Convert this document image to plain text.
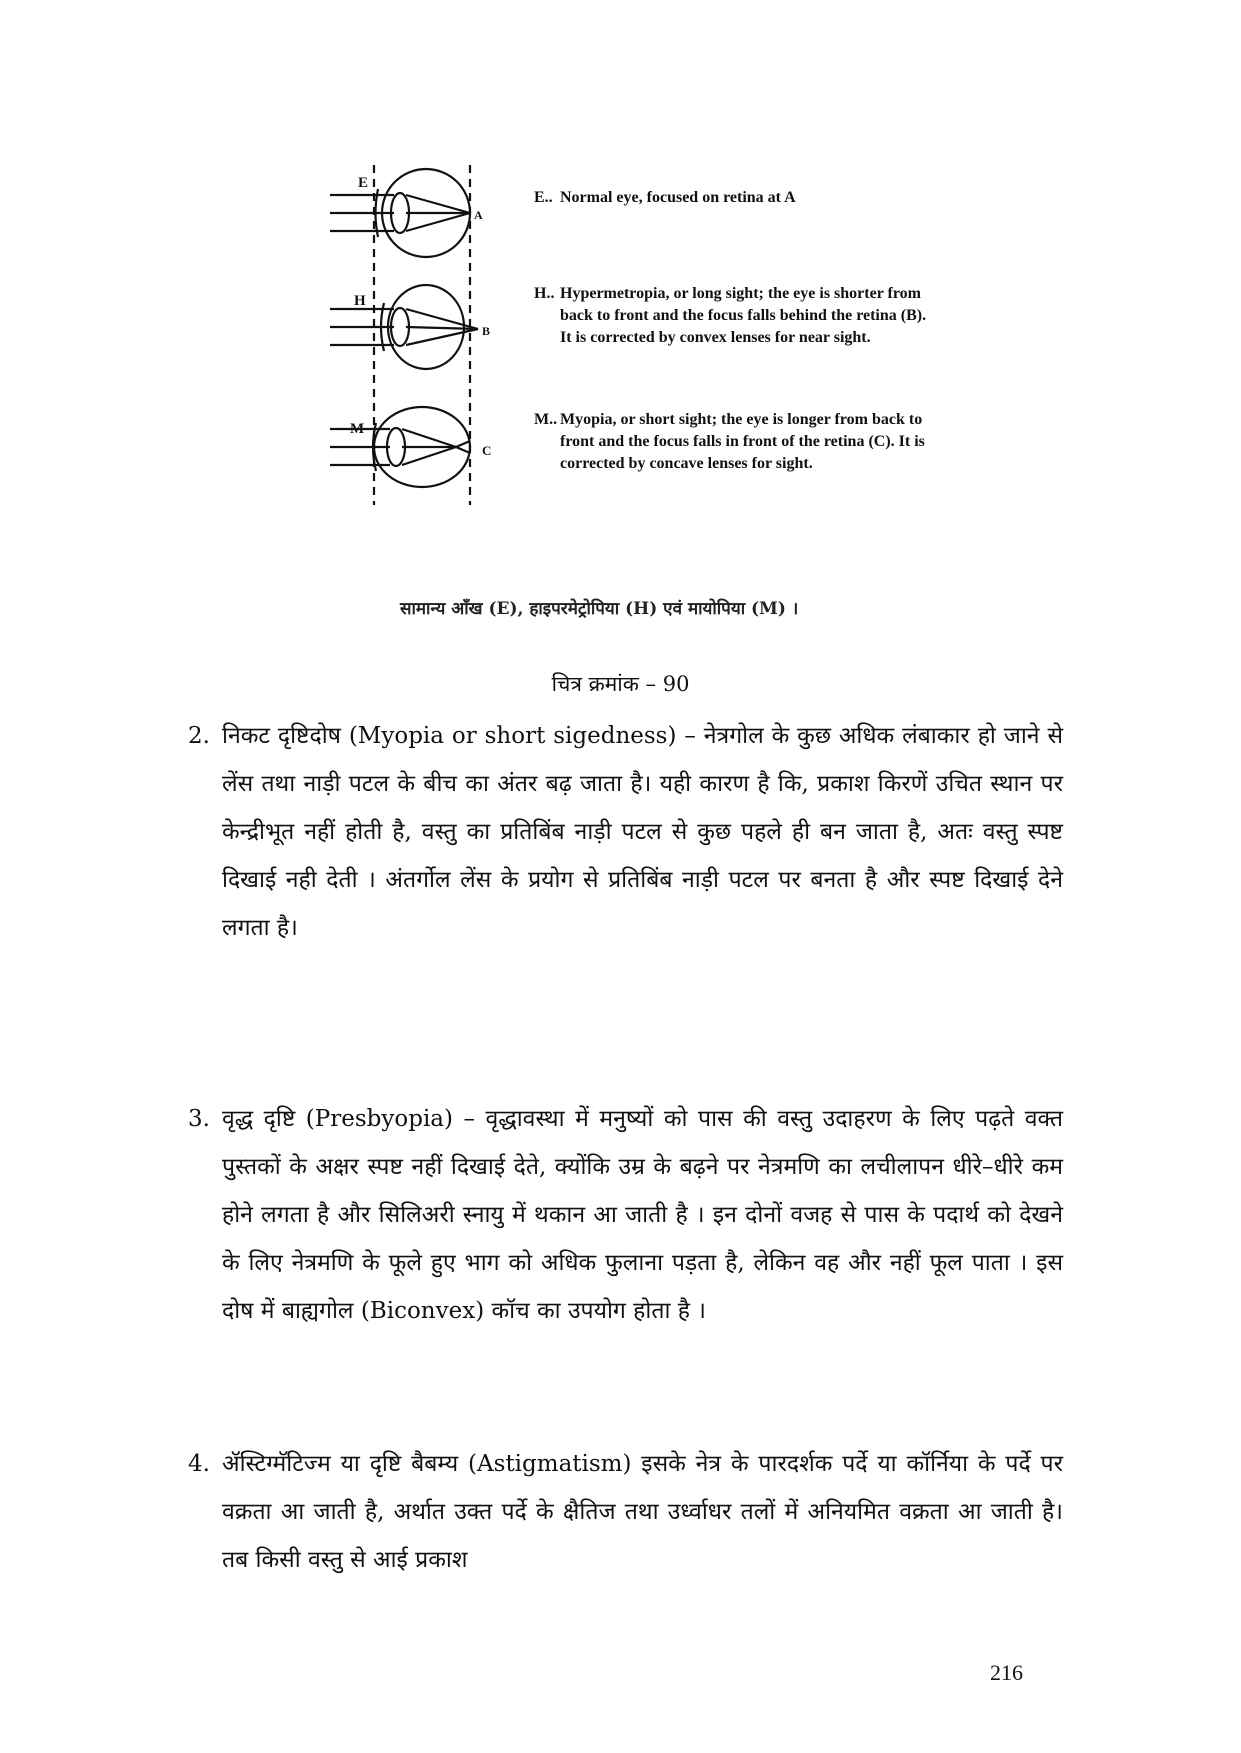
E
A
H
B
M
C
E.. Normal eye, focused on retina at A
H.. Hypermetropia, or long sight; the eye is shorter from back to front and the focus falls behind the retina (B). It is corrected by convex lenses for near sight.
M.. Myopia, or short sight; the eye is longer from back to front and the focus falls in front of the retina (C). It is corrected by concave lenses for sight.
सामान्य आँख (E), हाइपरमेट्रोपिया (H) एवं मायोपिया (M) ।
चित्र क्रमांक – 90
2. निकट दृष्टिदोष (Myopia or short sigedness) – नेत्रगोल के कुछ अधिक लंबाकार हो जाने से लेंस तथा नाड़ी पटल के बीच का अंतर बढ़ जाता है। यही कारण है कि, प्रकाश किरणें उचित स्थान पर केन्द्रीभूत नहीं होती है, वस्तु का प्रतिबिंब नाड़ी पटल से कुछ पहले ही बन जाता है, अतः वस्तु स्पष्ट दिखाई नही देती । अंतर्गोल लेंस के प्रयोग से प्रतिबिंब नाड़ी पटल पर बनता है और स्पष्ट दिखाई देने लगता है।
3. वृद्ध दृष्टि (Presbyopia) – वृद्धावस्था में मनुष्यों को पास की वस्तु उदाहरण के लिए पढ़ते वक्त पुस्तकों के अक्षर स्पष्ट नहीं दिखाई देते, क्योंकि उम्र के बढ़ने पर नेत्रमणि का लचीलापन धीरे–धीरे कम होने लगता है और सिलिअरी स्नायु में थकान आ जाती है । इन दोनों वजह से पास के पदार्थ को देखने के लिए नेत्रमणि के फूले हुए भाग को अधिक फुलाना पड़ता है, लेकिन वह और नहीं फूल पाता । इस दोष में बाह्यगोल (Biconvex) कॉच का उपयोग होता है ।
4. ॲस्टिग्मॅटिज्म या दृष्टि बैबम्य (Astigmatism) इसके नेत्र के पारदर्शक पर्दे या कॉर्निया के पर्दे पर वक्रता आ जाती है, अर्थात उक्त पर्दे के क्षैतिज तथा उर्ध्वाधर तलों में अनियमित वक्रता आ जाती है। तब किसी वस्तु से आई प्रकाश
216
